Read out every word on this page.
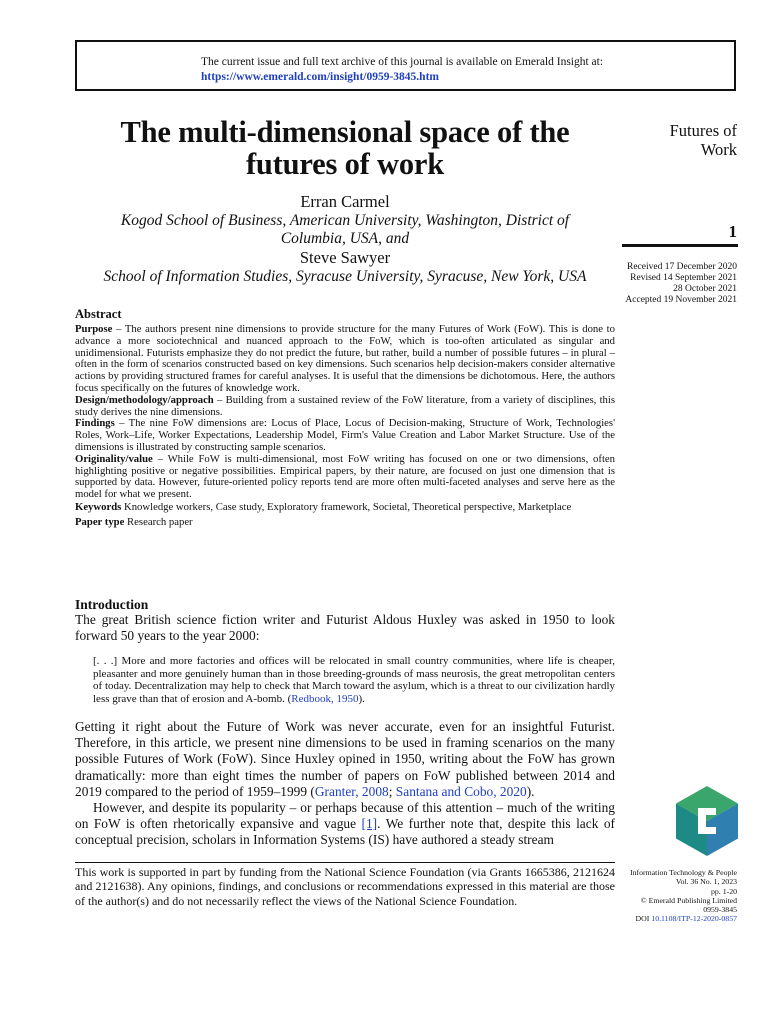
The current issue and full text archive of this journal is available on Emerald Insight at:
https://www.emerald.com/insight/0959-3845.htm
The multi-dimensional space of the futures of work
Erran Carmel
Kogod School of Business, American University, Washington, District of Columbia, USA, and
Steve Sawyer
School of Information Studies, Syracuse University, Syracuse, New York, USA
Futures of Work
1
Received 17 December 2020
Revised 14 September 2021
28 October 2021
Accepted 19 November 2021
Abstract
Purpose – The authors present nine dimensions to provide structure for the many Futures of Work (FoW). This is done to advance a more sociotechnical and nuanced approach to the FoW, which is too-often articulated as singular and unidimensional. Futurists emphasize they do not predict the future, but rather, build a number of possible futures – in plural – often in the form of scenarios constructed based on key dimensions. Such scenarios help decision-makers consider alternative actions by providing structured frames for careful analyses. It is useful that the dimensions be dichotomous. Here, the authors focus specifically on the futures of knowledge work.
Design/methodology/approach – Building from a sustained review of the FoW literature, from a variety of disciplines, this study derives the nine dimensions.
Findings – The nine FoW dimensions are: Locus of Place, Locus of Decision-making, Structure of Work, Technologies' Roles, Work–Life, Worker Expectations, Leadership Model, Firm's Value Creation and Labor Market Structure. Use of the dimensions is illustrated by constructing sample scenarios.
Originality/value – While FoW is multi-dimensional, most FoW writing has focused on one or two dimensions, often highlighting positive or negative possibilities. Empirical papers, by their nature, are focused on just one dimension that is supported by data. However, future-oriented policy reports tend are more often multi-faceted analyses and serve here as the model for what we present.
Keywords Knowledge workers, Case study, Exploratory framework, Societal, Theoretical perspective, Marketplace
Paper type Research paper
Introduction
The great British science fiction writer and Futurist Aldous Huxley was asked in 1950 to look forward 50 years to the year 2000:
[. . .] More and more factories and offices will be relocated in small country communities, where life is cheaper, pleasanter and more genuinely human than in those breeding-grounds of mass neurosis, the great metropolitan centers of today. Decentralization may help to check that March toward the asylum, which is a threat to our civilization hardly less grave than that of erosion and A-bomb. (Redbook, 1950).
Getting it right about the Future of Work was never accurate, even for an insightful Futurist. Therefore, in this article, we present nine dimensions to be used in framing scenarios on the many possible Futures of Work (FoW). Since Huxley opined in 1950, writing about the FoW has grown dramatically: more than eight times the number of papers on FoW published between 2014 and 2019 compared to the period of 1959–1999 (Granter, 2008; Santana and Cobo, 2020).
However, and despite its popularity – or perhaps because of this attention – much of the writing on FoW is often rhetorically expansive and vague [1]. We further note that, despite this lack of conceptual precision, scholars in Information Systems (IS) have authored a steady stream
This work is supported in part by funding from the National Science Foundation (via Grants 1665386, 2121624 and 2121638). Any opinions, findings, and conclusions or recommendations expressed in this material are those of the author(s) and do not necessarily reflect the views of the National Science Foundation.
Information Technology & People
Vol. 36 No. 1, 2023
pp. 1-20
© Emerald Publishing Limited
0959-3845
DOI 10.1108/ITP-12-2020-0857
